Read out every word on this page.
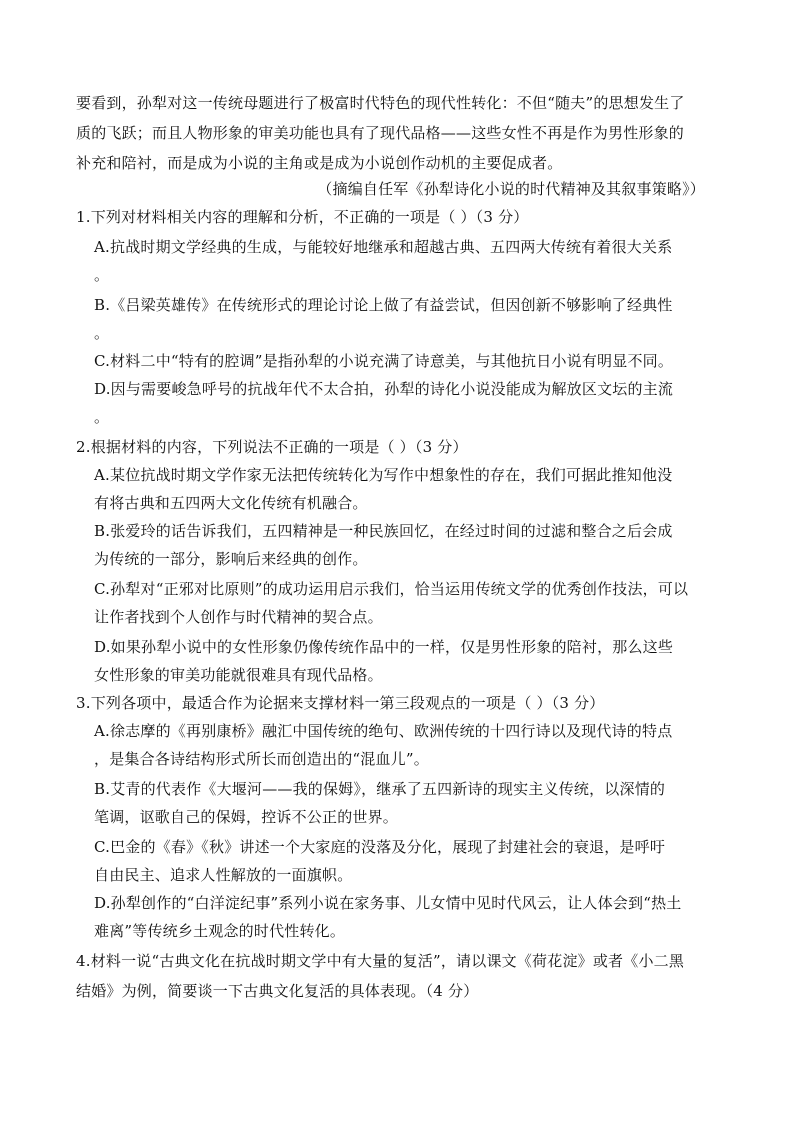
要看到，孙犁对这一传统母题进行了极富时代特色的现代性转化：不但“随夫”的思想发生了
质的飞跃；而且人物形象的审美功能也具有了现代品格——这些女性不再是作为男性形象的
补充和陪衬，而是成为小说的主角或是成为小说创作动机的主要促成者。
（摘编自任军《孙犁诗化小说的时代精神及其叙事策略》）
1.下列对材料相关内容的理解和分析，不正确的一项是（ ）（3 分）
A.抗战时期文学经典的生成，与能较好地继承和超越古典、五四两大传统有着很大关系
。
B.《吕梁英雄传》在传统形式的理论讨论上做了有益尝试，但因创新不够影响了经典性
。
C.材料二中“特有的腔调”是指孙犁的小说充满了诗意美，与其他抗日小说有明显不同。
D.因与需要峻急呼号的抗战年代不太合拍，孙犁的诗化小说没能成为解放区文坛的主流
。
2.根据材料的内容，下列说法不正确的一项是（ ）（3 分）
A.某位抗战时期文学作家无法把传统转化为写作中想象性的存在，我们可据此推知他没
有将古典和五四两大文化传统有机融合。
B.张爱玲的话告诉我们，五四精神是一种民族回忆，在经过时间的过滤和整合之后会成
为传统的一部分，影响后来经典的创作。
C.孙犁对“正邪对比原则”的成功运用启示我们，恰当运用传统文学的优秀创作技法，可以
让作者找到个人创作与时代精神的契合点。
D.如果孙犁小说中的女性形象仍像传统作品中的一样，仅是男性形象的陪衬，那么这些
女性形象的审美功能就很难具有现代品格。
3.下列各项中，最适合作为论据来支撑材料一第三段观点的一项是（ ）（3 分）
A.徐志摩的《再别康桥》融汇中国传统的绝句、欧洲传统的十四行诗以及现代诗的特点
，是集合各诗结构形式所长而创造出的“混血儿”。
B.艾青的代表作《大堰河——我的保姆》，继承了五四新诗的现实主义传统，以深情的
笔调，讴歌自己的保姆，控诉不公正的世界。
C.巴金的《春》《秋》讲述一个大家庭的没落及分化，展现了封建社会的衰退，是呼吁
自由民主、追求人性解放的一面旗帜。
D.孙犁创作的“白洋淀纪事”系列小说在家务事、儿女情中见时代风云，让人体会到“热土
难离”等传统乡土观念的时代性转化。
4.材料一说“古典文化在抗战时期文学中有大量的复活”，请以课文《荷花淀》或者《小二黑
结婚》为例，简要谈一下古典文化复活的具体表现。（4 分）
